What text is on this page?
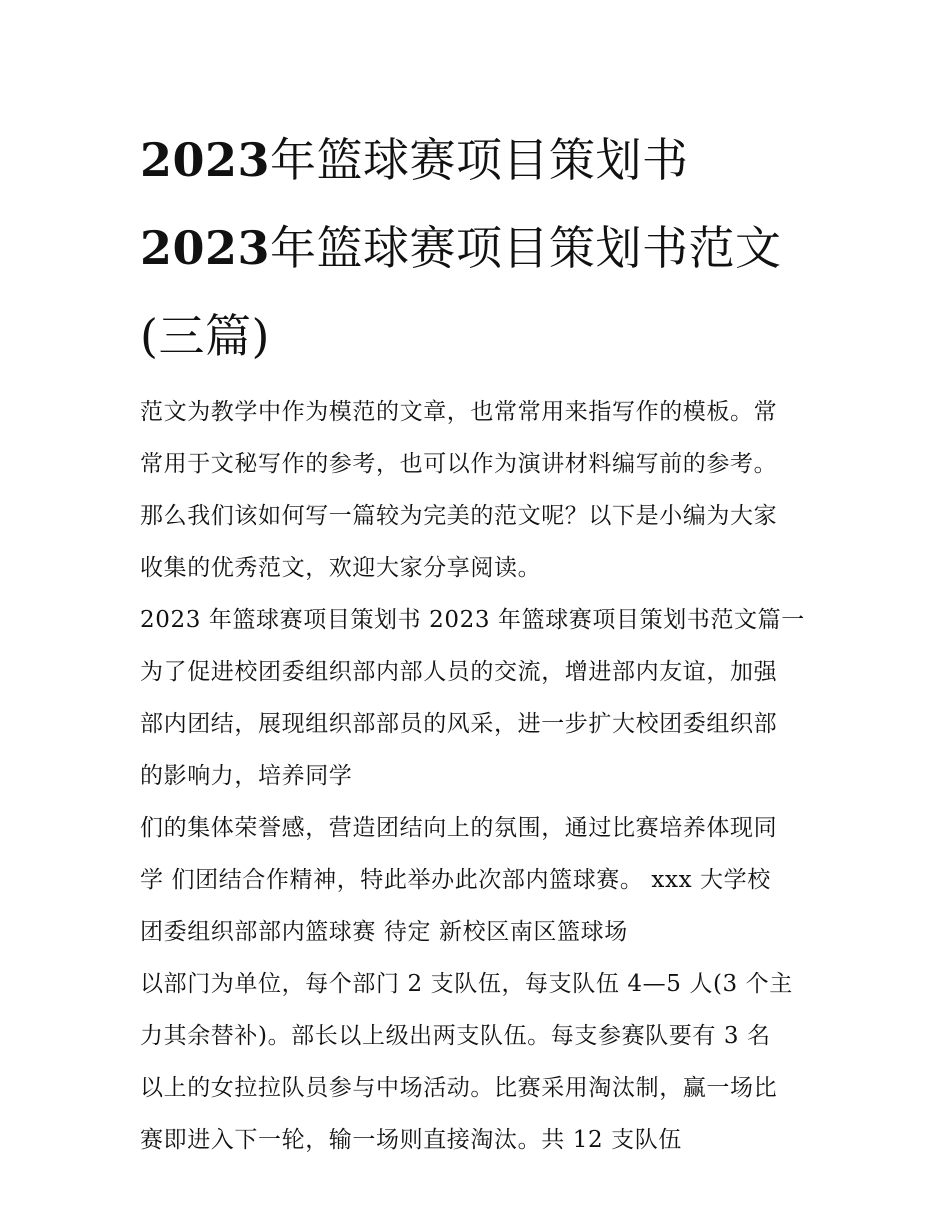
2023年篮球赛项目策划书
2023年篮球赛项目策划书范文
(三篇)
范文为教学中作为模范的文章，也常常用来指写作的模板。常
常用于文秘写作的参考，也可以作为演讲材料编写前的参考。
那么我们该如何写一篇较为完美的范文呢？以下是小编为大家
收集的优秀范文，欢迎大家分享阅读。
2023 年篮球赛项目策划书 2023 年篮球赛项目策划书范文篇一
为了促进校团委组织部内部人员的交流，增进部内友谊，加强
部内团结，展现组织部部员的风采，进一步扩大校团委组织部
的影响力，培养同学
们的集体荣誉感，营造团结向上的氛围，通过比赛培养体现同
学 们团结合作精神，特此举办此次部内篮球赛。 xxx 大学校
团委组织部部内篮球赛 待定 新校区南区篮球场
以部门为单位，每个部门 2 支队伍，每支队伍 4—5 人(3 个主
力其余替补)。部长以上级出两支队伍。每支参赛队要有 3 名
以上的女拉拉队员参与中场活动。比赛采用淘汰制，赢一场比
赛即进入下一轮，输一场则直接淘汰。共 12 支队伍
